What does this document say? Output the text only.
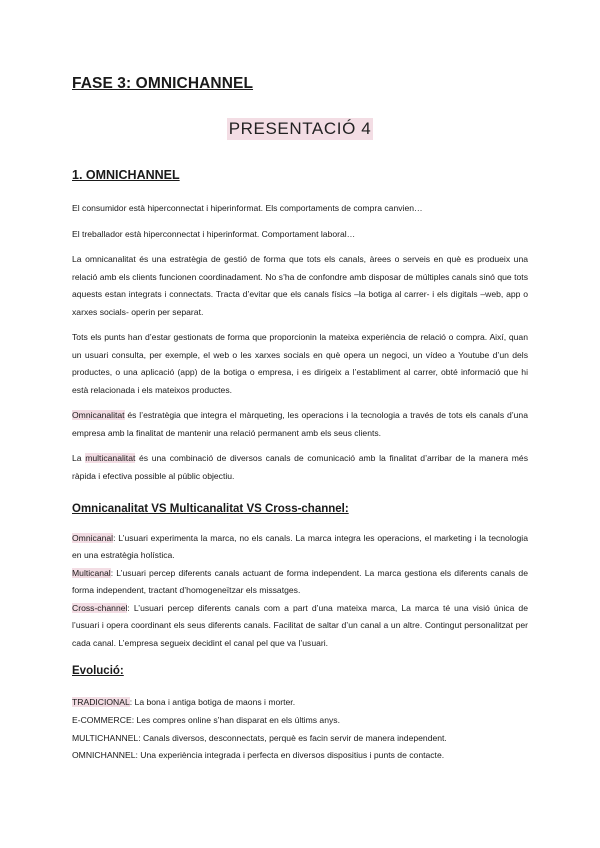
FASE 3: OMNICHANNEL
PRESENTACIÓ 4
1. OMNICHANNEL
El consumidor està hiperconnectat i hiperinformat. Els comportaments de compra canvien…
El treballador està hiperconnectat i hiperinformat. Comportament laboral…
La omnicanalitat és una estratègia de gestió de forma que tots els canals, àrees o serveis en què es produeix una relació amb els clients funcionen coordinadament. No s’ha de confondre amb disposar de múltiples canals sinó que tots aquests estan integrats i connectats. Tracta d’evitar que els canals físics –la botiga al carrer- i els digitals –web, app o xarxes socials- operin per separat.
Tots els punts han d’estar gestionats de forma que proporcionin la mateixa experiència de relació o compra. Així, quan un usuari consulta, per exemple, el web o les xarxes socials en què opera un negoci, un vídeo a Youtube d’un dels productes, o una aplicació (app) de la botiga o empresa, i es dirigeix a l’establiment al carrer, obté informació que hi està relacionada i els mateixos productes.
Omnicanalitat és l’estratègia que integra el màrqueting, les operacions i la tecnologia a través de tots els canals d’una empresa amb la finalitat de mantenir una relació permanent amb els seus clients.
La multicanalitat és una combinació de diversos canals de comunicació amb la finalitat d’arribar de la manera més ràpida i efectiva possible al públic objectiu.
Omnicanalitat VS Multicanalitat VS Cross-channel:
Omnicanal: L’usuari experimenta la marca, no els canals. La marca integra les operacions, el marketing i la tecnologia en una estratègia holística.
Multicanal: L’usuari percep diferents canals actuant de forma independent. La marca gestiona els diferents canals de forma independent, tractant d’homogeneïtzar els missatges.
Cross-channel: L’usuari percep diferents canals com a part d’una mateixa marca, La marca té una visió única de l’usuari i opera coordinant els seus diferents canals. Facilitat de saltar d’un canal a un altre. Contingut personalitzat per cada canal. L’empresa segueix decidint el canal pel que va l’usuari.
Evolució:
TRADICIONAL: La bona i antiga botiga de maons i morter.
E-COMMERCE: Les compres online s’han disparat en els últims anys.
MULTICHANNEL: Canals diversos, desconnectats, perquè es facin servir de manera independent.
OMNICHANNEL: Una experiència integrada i perfecta en diversos dispositius i punts de contacte.
